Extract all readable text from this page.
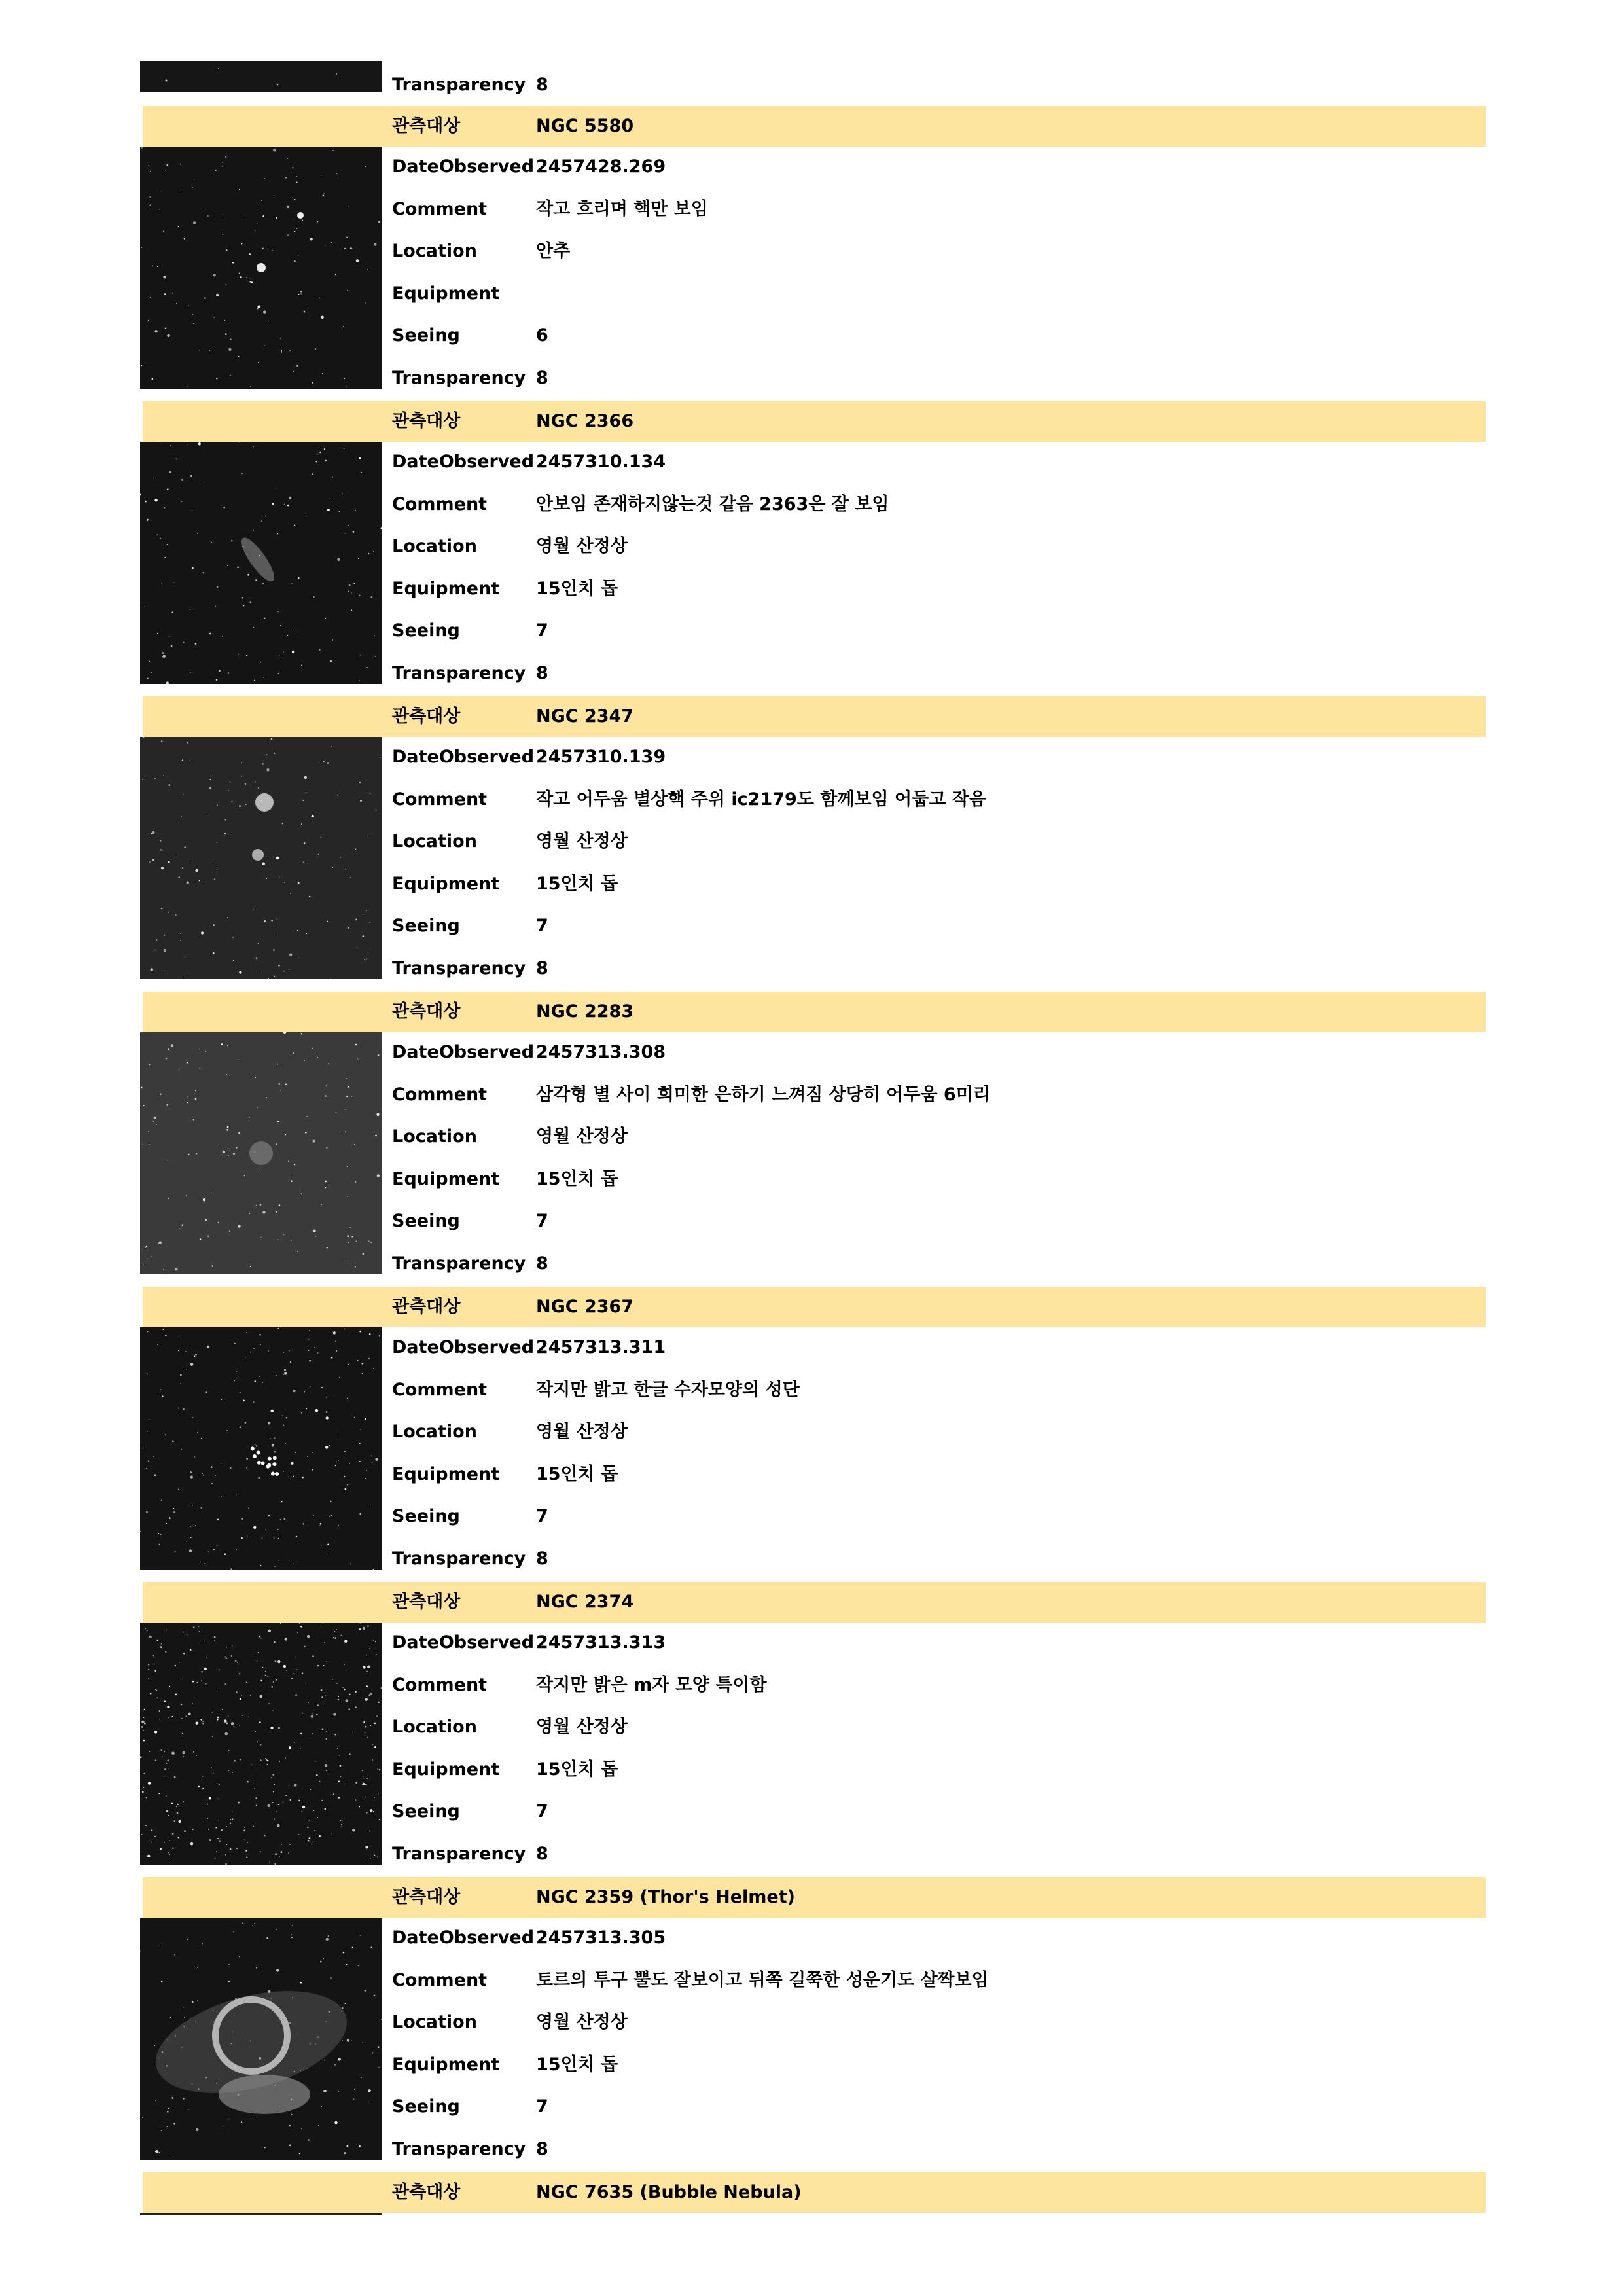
Transparency 8
관측대상	NGC 5580
DateObserved 2457428.269
Comment	작고 흐리며 핵만 보임
Location	안추
Equipment
Seeing	6
Transparency 8
관측대상	NGC 2366
DateObserved 2457310.134
Comment	안보임 존재하지않는것 같음 2363은 잘 보임
Location	영월 산정상
Equipment 15인치 돕
Seeing	7
Transparency 8
관측대상	NGC 2347
DateObserved 2457310.139
Comment	작고 어두움 별상핵 주위 ic2179도 함께보임 어둡고 작음
Location	영월 산정상
Equipment 15인치 돕
Seeing	7
Transparency 8
관측대상	NGC 2283
DateObserved 2457313.308
Comment	삼각형 별 사이 희미한 은하기 느껴짐 상당히 어두움 6미리
Location	영월 산정상
Equipment 15인치 돕
Seeing	7
Transparency 8
관측대상	NGC 2367
DateObserved 2457313.311
Comment	작지만 밝고 한글 수자모양의 성단
Location	영월 산정상
Equipment 15인치 돕
Seeing	7
Transparency 8
관측대상	NGC 2374
DateObserved 2457313.313
Comment	작지만 밝은 m자 모양 특이함
Location	영월 산정상
Equipment 15인치 돕
Seeing	7
Transparency 8
관측대상	NGC 2359 (Thor's Helmet)
DateObserved 2457313.305
Comment	토르의 투구 뿔도 잘보이고 뒤쪽 길쭉한 성운기도 살짝보임
Location	영월 산정상
Equipment 15인치 돕
Seeing	7
Transparency 8
관측대상	NGC 7635 (Bubble Nebula)
